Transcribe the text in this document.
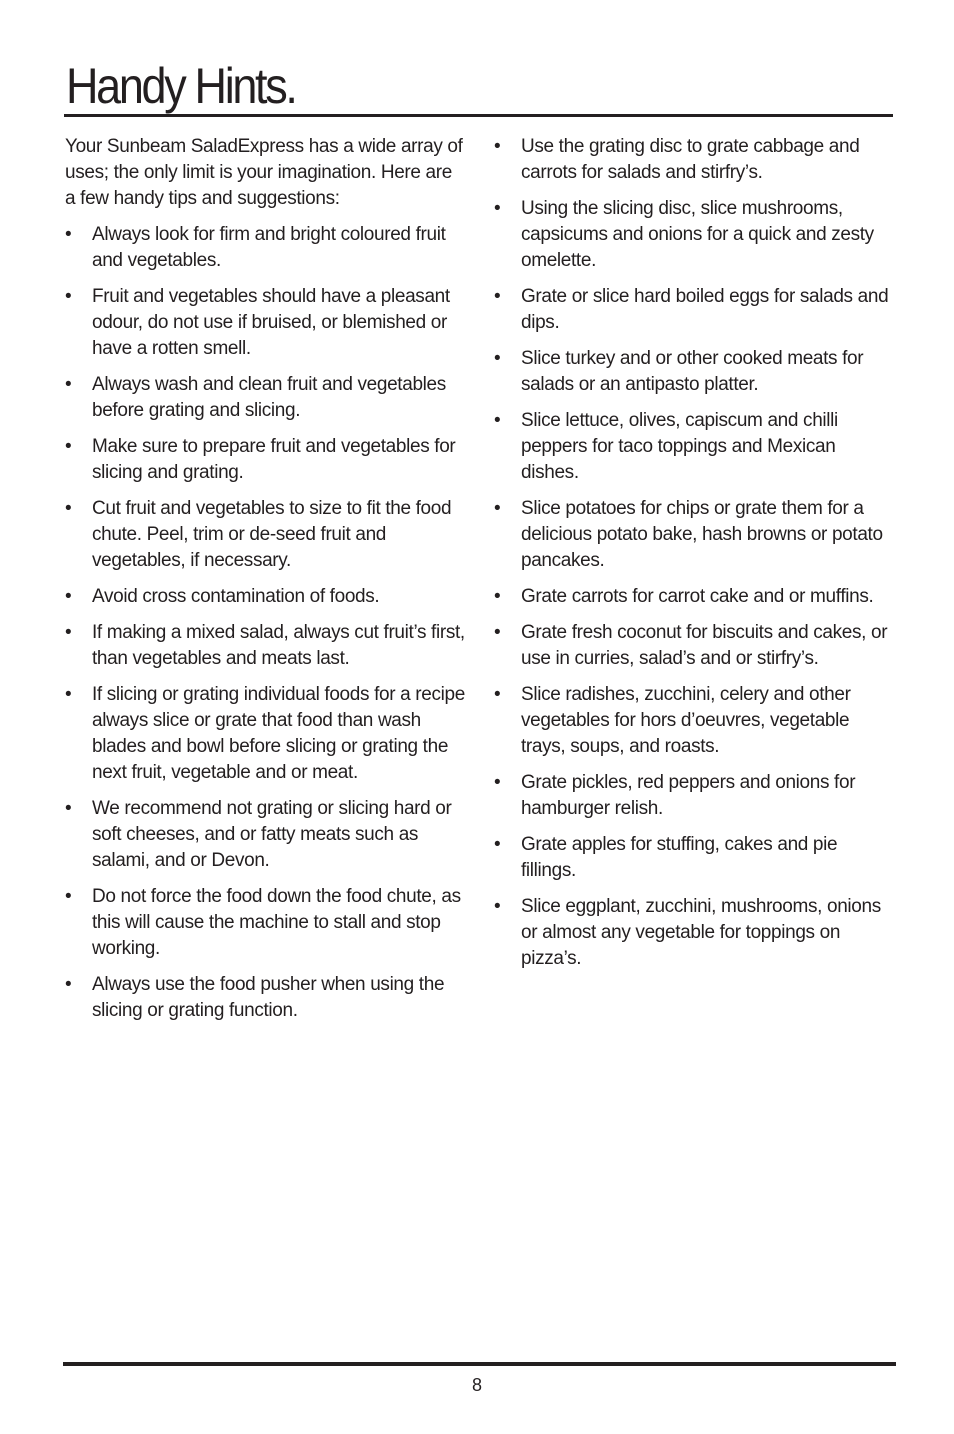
Handy Hints.

Your Sunbeam SaladExpress has a wide array of uses; the only limit is your imagination. Here are a few handy tips and suggestions:

• Always look for firm and bright coloured fruit and vegetables.
• Fruit and vegetables should have a pleasant odour, do not use if bruised, or blemished or have a rotten smell.
• Always wash and clean fruit and vegetables before grating and slicing.
• Make sure to prepare fruit and vegetables for slicing and grating.
• Cut fruit and vegetables to size to fit the food chute. Peel, trim or de-seed fruit and vegetables, if necessary.
• Avoid cross contamination of foods.
• If making a mixed salad, always cut fruit’s first, than vegetables and meats last.
• If slicing or grating individual foods for a recipe always slice or grate that food than wash blades and bowl before slicing or grating the next fruit, vegetable and or meat.
• We recommend not grating or slicing hard or soft cheeses, and or fatty meats such as salami, and or Devon.
• Do not force the food down the food chute, as this will cause the machine to stall and stop working.
• Always use the food pusher when using the slicing or grating function.
• Use the grating disc to grate cabbage and carrots for salads and stirfry’s.
• Using the slicing disc, slice mushrooms, capsicums and onions for a quick and zesty omelette.
• Grate or slice hard boiled eggs for salads and dips.
• Slice turkey and or other cooked meats for salads or an antipasto platter.
• Slice lettuce, olives, capiscum and chilli peppers for taco toppings and Mexican dishes.
• Slice potatoes for chips or grate them for a delicious potato bake, hash browns or potato pancakes.
• Grate carrots for carrot cake and or muffins.
• Grate fresh coconut for biscuits and cakes, or use in curries, salad’s and or stirfry’s.
• Slice radishes, zucchini, celery and other vegetables for hors d’oeuvres, vegetable trays, soups, and roasts.
• Grate pickles, red peppers and onions for hamburger relish.
• Grate apples for stuffing, cakes and pie fillings.
• Slice eggplant, zucchini, mushrooms, onions or almost any vegetable for toppings on pizza’s.
8
